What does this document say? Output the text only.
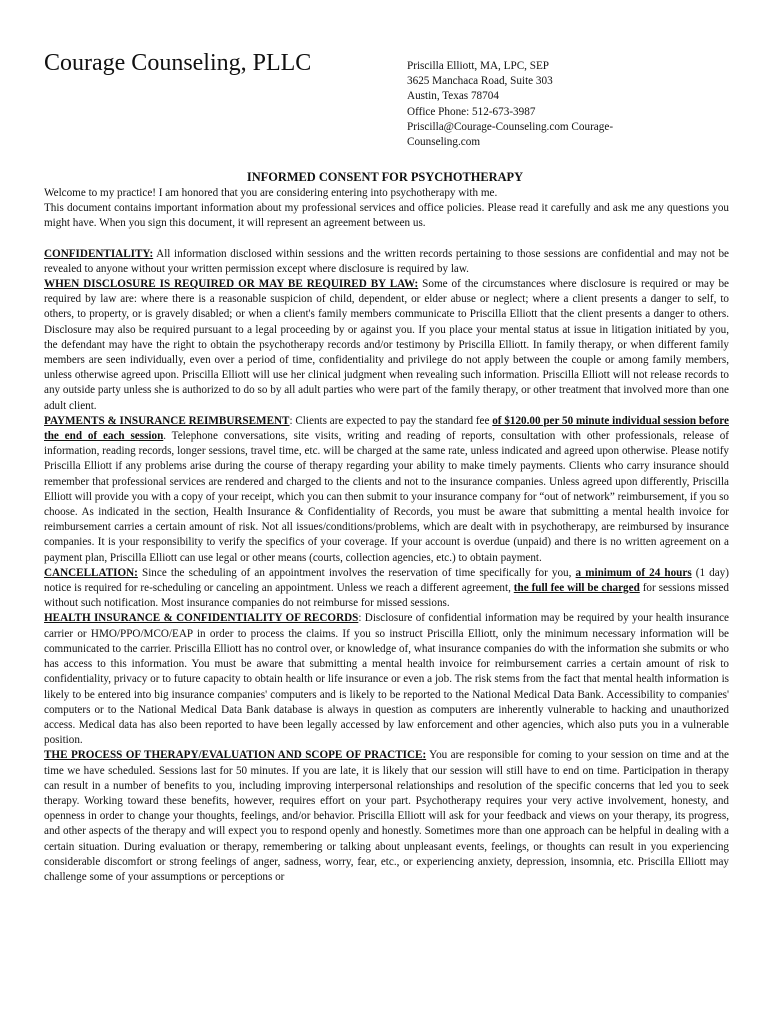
Courage Counseling, PLLC	Priscilla Elliott, MA, LPC, SEP
3625 Manchaca Road, Suite 303
Austin, Texas 78704
Office Phone: 512-673-3987
Priscilla@Courage-Counseling.com Courage-Counseling.com
INFORMED CONSENT FOR PSYCHOTHERAPY

Welcome to my practice! I am honored that you are considering entering into psychotherapy with me.

This document contains important information about my professional services and office policies. Please read it carefully and ask me any questions you might have. When you sign this document, it will represent an agreement between us.

CONFIDENTIALITY: All information disclosed within sessions and the written records pertaining to those sessions are confidential and may not be revealed to anyone without your written permission except where disclosure is required by law.

WHEN DISCLOSURE IS REQUIRED OR MAY BE REQUIRED BY LAW: Some of the circumstances where disclosure is required or may be required by law are: where there is a reasonable suspicion of child, dependent, or elder abuse or neglect; where a client presents a danger to self, to others, to property, or is gravely disabled; or when a client's family members communicate to Priscilla Elliott that the client presents a danger to others. Disclosure may also be required pursuant to a legal proceeding by or against you. If you place your mental status at issue in litigation initiated by you, the defendant may have the right to obtain the psychotherapy records and/or testimony by Priscilla Elliott. In family therapy, or when different family members are seen individually, even over a period of time, confidentiality and privilege do not apply between the couple or among family members, unless otherwise agreed upon. Priscilla Elliott will use her clinical judgment when revealing such information. Priscilla Elliott will not release records to any outside party unless she is authorized to do so by all adult parties who were part of the family therapy, or other treatment that involved more than one adult client.

PAYMENTS & INSURANCE REIMBURSEMENT: Clients are expected to pay the standard fee of $120.00 per 50 minute individual session before the end of each session. Telephone conversations, site visits, writing and reading of reports, consultation with other professionals, release of information, reading records, longer sessions, travel time, etc. will be charged at the same rate, unless indicated and agreed upon otherwise. Please notify Priscilla Elliott if any problems arise during the course of therapy regarding your ability to make timely payments. Clients who carry insurance should remember that professional services are rendered and charged to the clients and not to the insurance companies. Unless agreed upon differently, Priscilla Elliott will provide you with a copy of your receipt, which you can then submit to your insurance company for “out of network” reimbursement, if you so choose. As indicated in the section, Health Insurance & Confidentiality of Records, you must be aware that submitting a mental health invoice for reimbursement carries a certain amount of risk. Not all issues/conditions/problems, which are dealt with in psychotherapy, are reimbursed by insurance companies. It is your responsibility to verify the specifics of your coverage. If your account is overdue (unpaid) and there is no written agreement on a payment plan, Priscilla Elliott can use legal or other means (courts, collection agencies, etc.) to obtain payment.

CANCELLATION: Since the scheduling of an appointment involves the reservation of time specifically for you, a minimum of 24 hours (1 day) notice is required for re-scheduling or canceling an appointment. Unless we reach a different agreement, the full fee will be charged for sessions missed without such notification. Most insurance companies do not reimburse for missed sessions.

HEALTH INSURANCE & CONFIDENTIALITY OF RECORDS: Disclosure of confidential information may be required by your health insurance carrier or HMO/PPO/MCO/EAP in order to process the claims. If you so instruct Priscilla Elliott, only the minimum necessary information will be communicated to the carrier. Priscilla Elliott has no control over, or knowledge of, what insurance companies do with the information she submits or who has access to this information. You must be aware that submitting a mental health invoice for reimbursement carries a certain amount of risk to confidentiality, privacy or to future capacity to obtain health or life insurance or even a job. The risk stems from the fact that mental health information is likely to be entered into big insurance companies' computers and is likely to be reported to the National Medical Data Bank. Accessibility to companies' computers or to the National Medical Data Bank database is always in question as computers are inherently vulnerable to hacking and unauthorized access. Medical data has also been reported to have been legally accessed by law enforcement and other agencies, which also puts you in a vulnerable position.

THE PROCESS OF THERAPY/EVALUATION AND SCOPE OF PRACTICE: You are responsible for coming to your session on time and at the time we have scheduled. Sessions last for 50 minutes. If you are late, it is likely that our session will still have to end on time. Participation in therapy can result in a number of benefits to you, including improving interpersonal relationships and resolution of the specific concerns that led you to seek therapy. Working toward these benefits, however, requires effort on your part. Psychotherapy requires your very active involvement, honesty, and openness in order to change your thoughts, feelings, and/or behavior. Priscilla Elliott will ask for your feedback and views on your therapy, its progress, and other aspects of the therapy and will expect you to respond openly and honestly. Sometimes more than one approach can be helpful in dealing with a certain situation. During evaluation or therapy, remembering or talking about unpleasant events, feelings, or thoughts can result in you experiencing considerable discomfort or strong feelings of anger, sadness, worry, fear, etc., or experiencing anxiety, depression, insomnia, etc. Priscilla Elliott may challenge some of your assumptions or perceptions or
